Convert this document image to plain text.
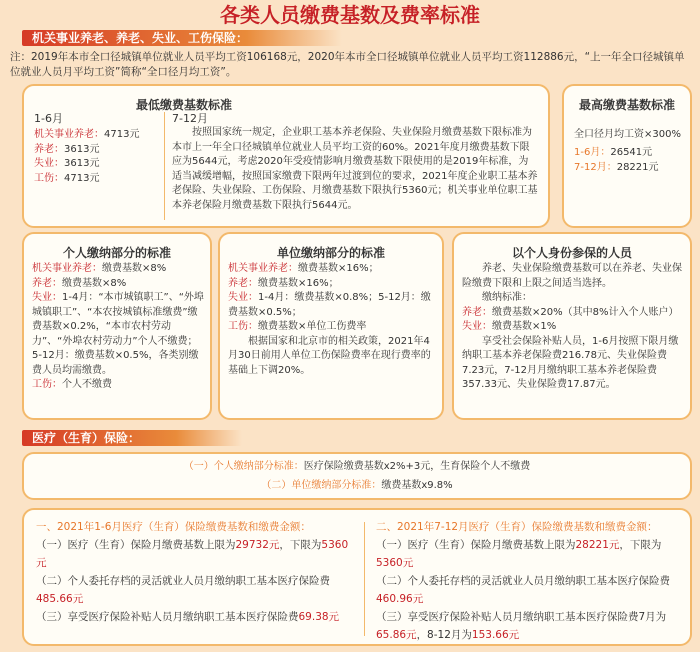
各类人员缴费基数及费率标准
机关事业养老、养老、失业、工伤保险：
注：2019年本市全口径城镇单位就业人员平均工资106168元，2020年本市全口径城镇单位就业人员平均工资112886元，“上一年全口径城镇单位就业人员月平均工资”简称“全口径月均工资”。
最低缴费基数标准
1-6月	7-12月
机关事业养老：4713元
养老：3613元
失业：3613元
工伤：4713元
按照国家统一规定，企业职工基本养老保险、失业保险月缴费基数下限标准为本市上一年全口径城镇单位就业人员平均工资的60%。2021年度月缴费基数下限应为5644元，考虑2020年受疫情影响月缴费基数下限使用的是2019年标准，为适当减缓增幅，按照国家缴费下限两年过渡到位的要求，2021年度企业职工基本养老保险、失业保险、工伤保险、月缴费基数下限执行5360元；机关事业单位职工基本养老保险月缴费基数下限执行5644元。
最高缴费基数标准
全口径月均工资×300%
1-6月：26541元
7-12月：28221元
个人缴纳部分的标准
机关事业养老：缴费基数×8%
养老：缴费基数×8%
失业：1-4月：“本市城镇职工”、“外埠城镇职工”、“本农按城镇标准缴费”缴费基数×0.2%，“本市农村劳动力”、“外埠农村劳动力”个人不缴费；5-12月：缴费基数×0.5%，各类别缴费人员均需缴费。
工伤：个人不缴费
单位缴纳部分的标准
机关事业养老：缴费基数×16%；
养老：缴费基数×16%；
失业：1-4月：缴费基数×0.8%；5-12月：缴费基数×0.5%；
工伤：缴费基数×单位工伤费率
根据国家和北京市的相关政策，2021年4月30日前用人单位工伤保险费率在现行费率的基础上下调20%。
以个人身份参保的人员
养老、失业保险缴费基数可以在养老、失业保险缴费下限和上限之间适当选择。
缴纳标准：
养老：缴费基数×20%（其中8%计入个人账户）
失业：缴费基数×1%
享受社会保险补贴人员，1-6月按照下限月缴纳职工基本养老保险费216.78元、失业保险费7.23元，7-12月月缴纳职工基本养老保险费357.33元、失业保险费17.87元。
医疗（生育）保险：
（一）个人缴纳部分标准：医疗保险缴费基数x2%+3元，生育保险个人不缴费
（二）单位缴纳部分标准：缴费基数x9.8%
一、2021年1-6月医疗（生育）保险缴费基数和缴费金额：
（一）医疗（生育）保险月缴费基数上限为29732元，下限为5360元
（二）个人委托存档的灵活就业人员月缴纳职工基本医疗保险费485.66元
（三）享受医疗保险补贴人员月缴纳职工基本医疗保险费69.38元
二、2021年7-12月医疗（生育）保险缴费基数和缴费金额：
（一）医疗（生育）保险月缴费基数上限为28221元，下限为5360元
（二）个人委托存档的灵活就业人员月缴纳职工基本医疗保险费460.96元
（三）享受医疗保险补贴人员月缴纳职工基本医疗保险费7月为65.86元，8-12月为153.66元
